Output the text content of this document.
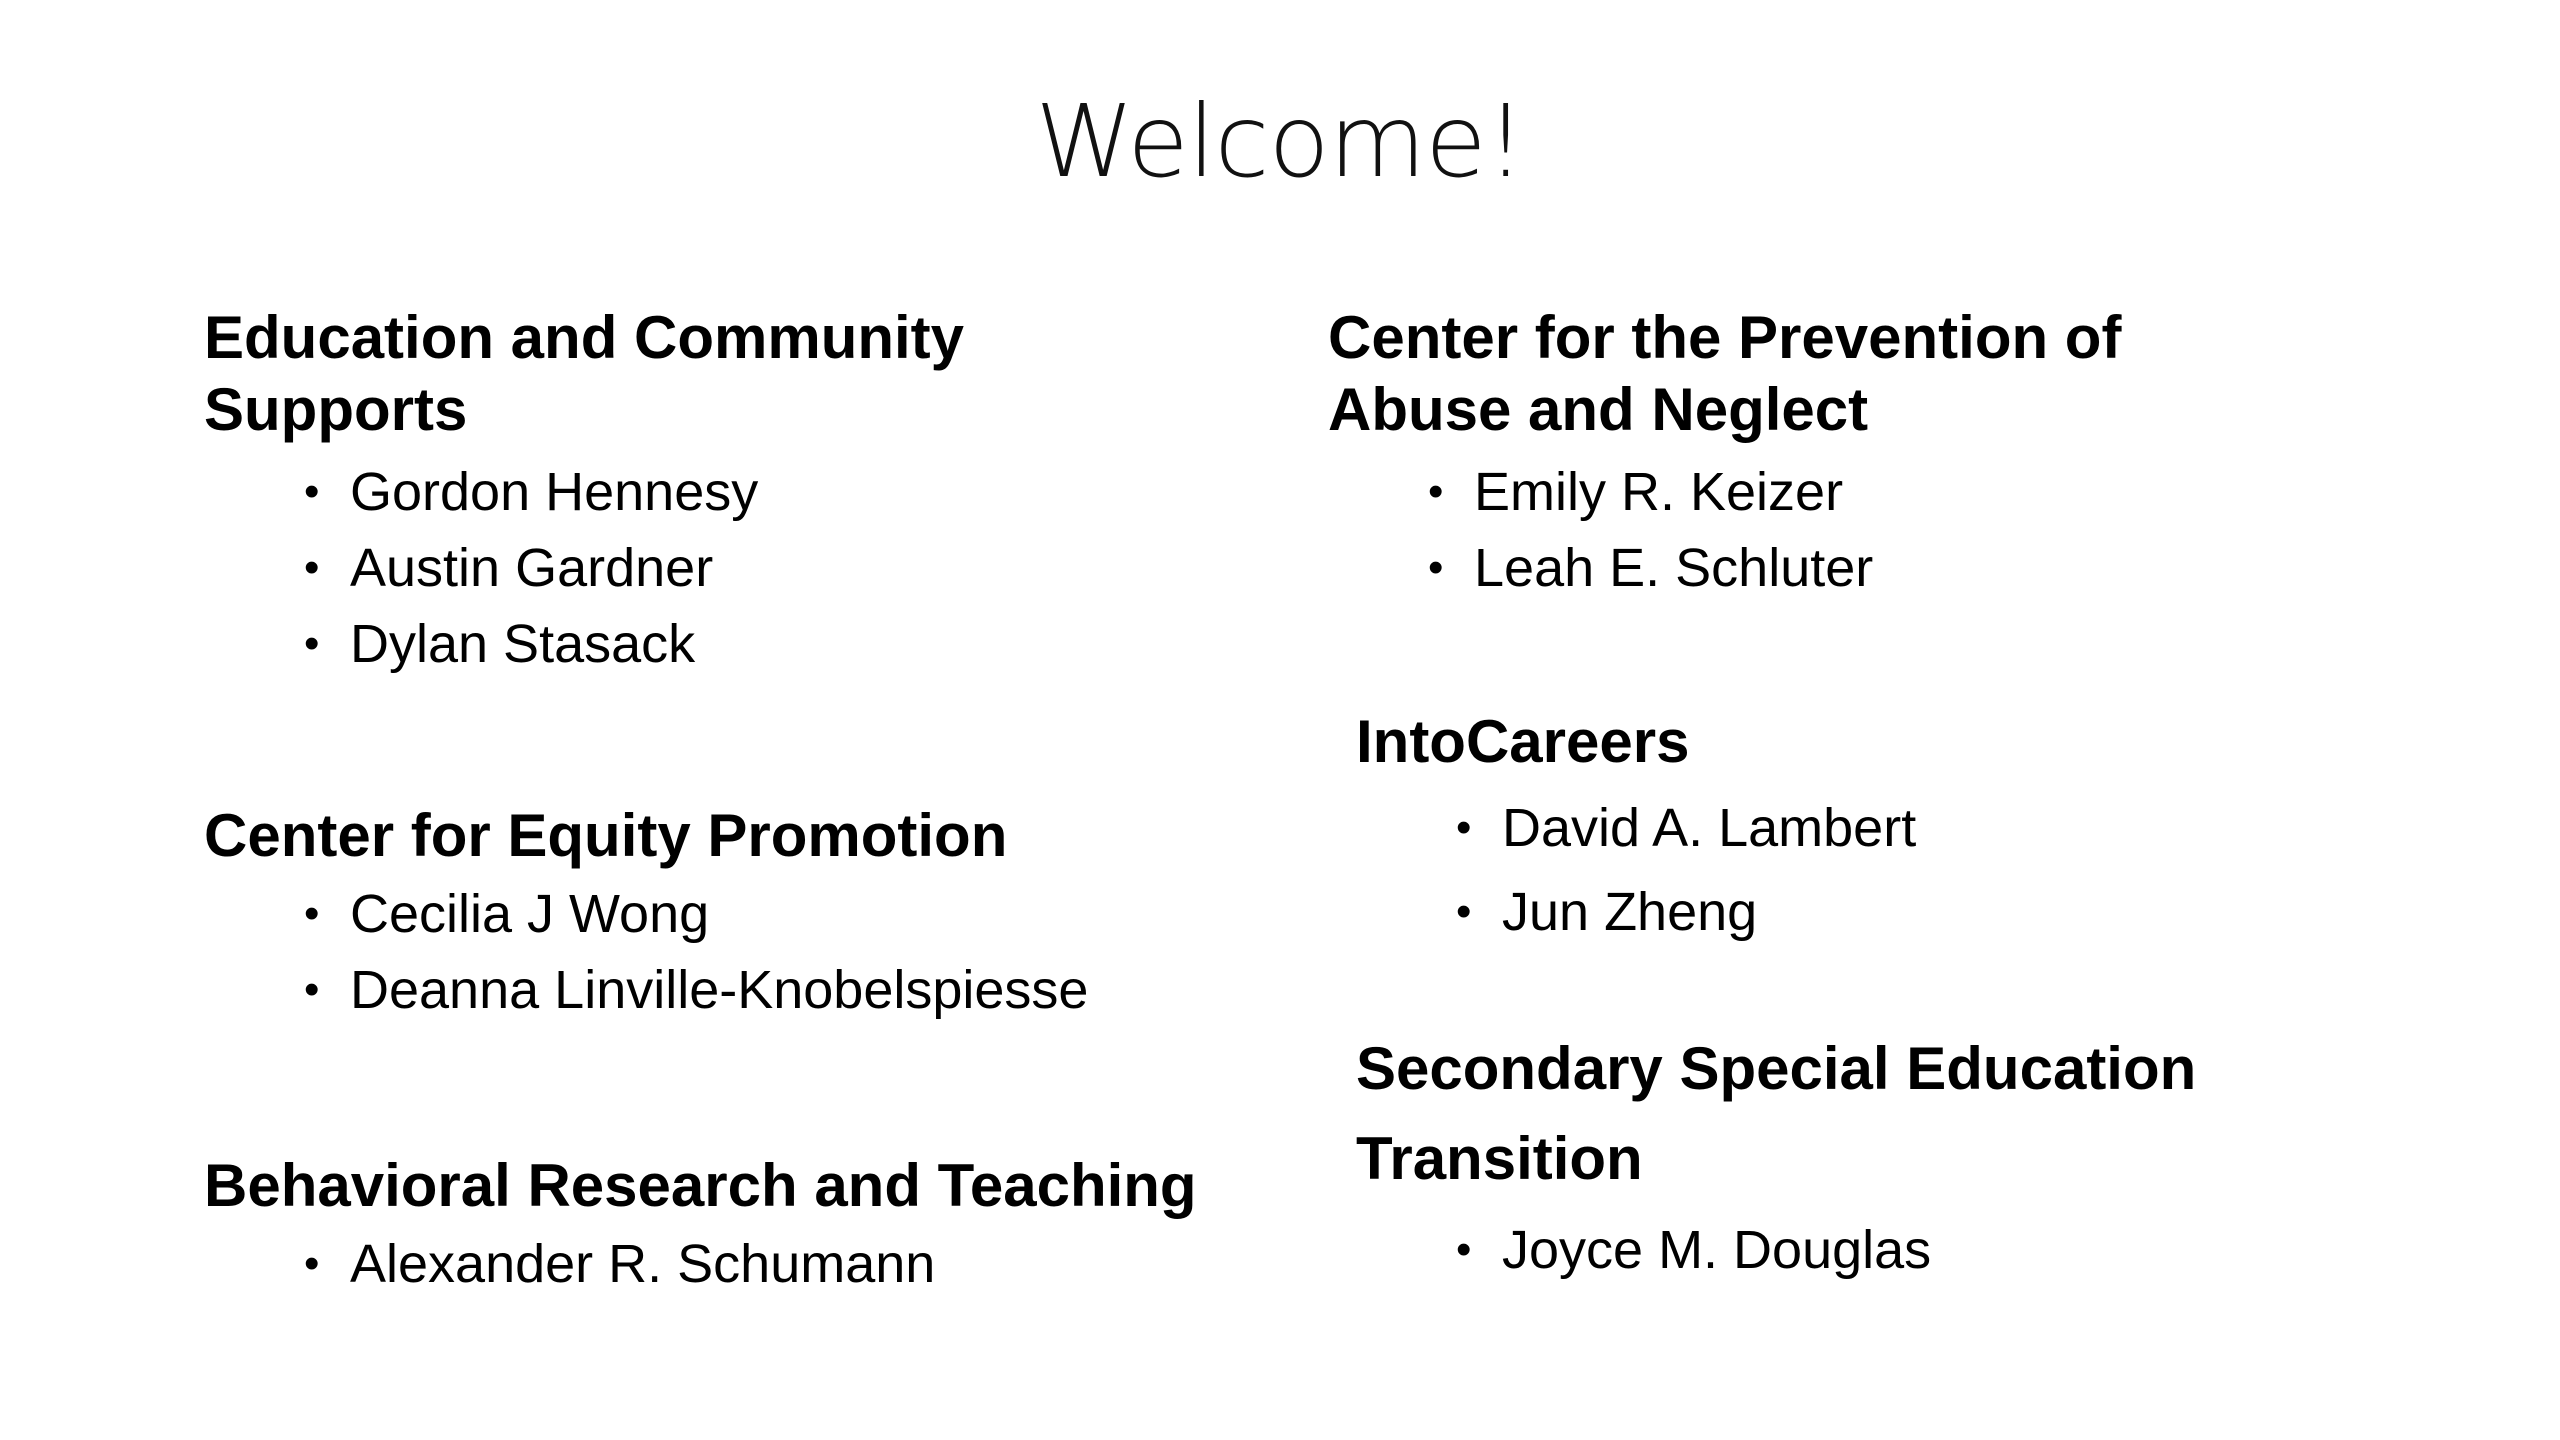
Welcome!
Education and Community
Supports
• Gordon Hennesy
• Austin Gardner
• Dylan Stasack
Center for Equity Promotion
• Cecilia J Wong
• Deanna Linville-Knobelspiesse
Behavioral Research and Teaching
• Alexander R. Schumann
Center for the Prevention of
Abuse and Neglect
• Emily R. Keizer
• Leah E. Schluter
IntoCareers
• David A. Lambert
• Jun Zheng
Secondary Special Education
Transition
• Joyce M. Douglas
